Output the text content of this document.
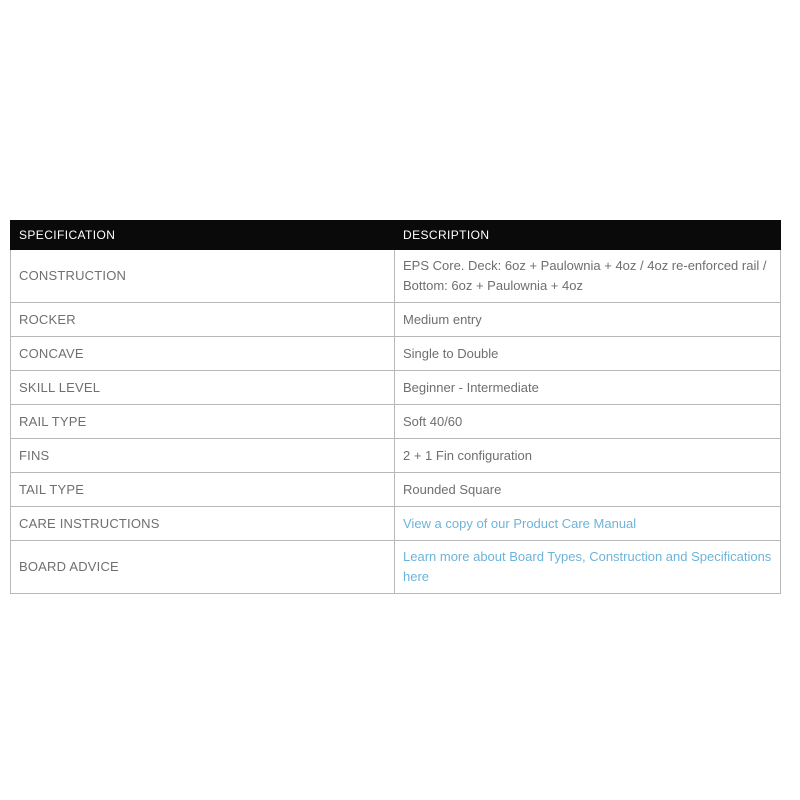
SPECIFICATION	DESCRIPTION
CONSTRUCTION	EPS Core. Deck: 6oz + Paulownia + 4oz / 4oz re-enforced rail / Bottom: 6oz + Paulownia + 4oz
ROCKER	Medium entry
CONCAVE	Single to Double
SKILL LEVEL	Beginner - Intermediate
RAIL TYPE	Soft 40/60
FINS	2 + 1 Fin configuration
TAIL TYPE	Rounded Square
CARE INSTRUCTIONS	View a copy of our Product Care Manual
BOARD ADVICE	Learn more about Board Types, Construction and Specifications here
